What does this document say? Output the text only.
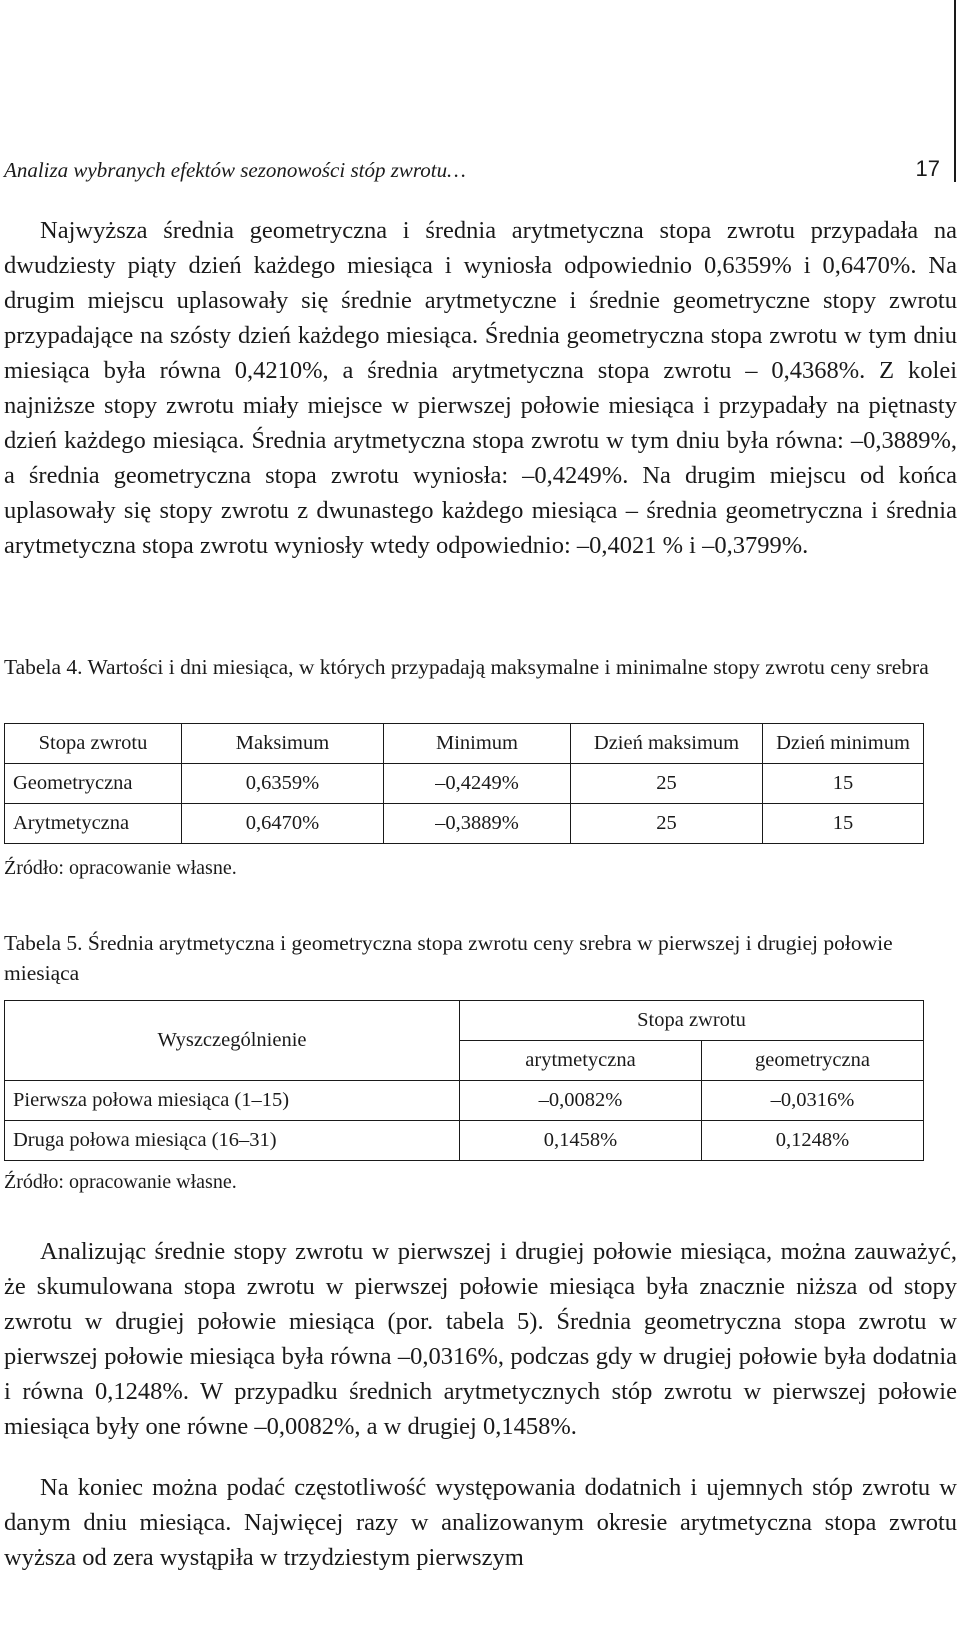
Analiza wybranych efektów sezonowości stóp zwrotu…	17

Najwyższa średnia geometryczna i średnia arytmetyczna stopa zwrotu przypadała na dwudziesty piąty dzień każdego miesiąca i wyniosła odpowiednio 0,6359% i 0,6470%. Na drugim miejscu uplasowały się średnie arytmetyczne i średnie geometryczne stopy zwrotu przypadające na szósty dzień każdego miesiąca. Średnia geometryczna stopa zwrotu w tym dniu miesiąca była równa 0,4210%, a średnia arytmetyczna stopa zwrotu – 0,4368%. Z kolei najniższe stopy zwrotu miały miejsce w pierwszej połowie miesiąca i przypadały na piętnasty dzień każdego miesiąca. Średnia arytmetyczna stopa zwrotu w tym dniu była równa: –0,3889%, a średnia geometryczna stopa zwrotu wyniosła: –0,4249%. Na drugim miejscu od końca uplasowały się stopy zwrotu z dwunastego każdego miesiąca – średnia geometryczna i średnia arytmetyczna stopa zwrotu wyniosły wtedy odpowiednio: –0,4021 % i –0,3799%.

Tabela 4. Wartości i dni miesiąca, w których przypadają maksymalne i minimalne stopy zwrotu ceny srebra

Stopa zwrotu	Maksimum	Minimum	Dzień maksimum	Dzień minimum
Geometryczna	0,6359%	–0,4249%	25	15
Arytmetyczna	0,6470%	–0,3889%	25	15

Źródło: opracowanie własne.

Tabela 5. Średnia arytmetyczna i geometryczna stopa zwrotu ceny srebra w pierwszej i drugiej połowie miesiąca

Wyszczególnienie	Stopa zwrotu	
	arytmetyczna	geometryczna
Pierwsza połowa miesiąca (1–15)	–0,0082%	–0,0316%
Druga połowa miesiąca (16–31)	0,1458%	0,1248%

Źródło: opracowanie własne.

Analizując średnie stopy zwrotu w pierwszej i drugiej połowie miesiąca, można zauważyć, że skumulowana stopa zwrotu w pierwszej połowie miesiąca była znacznie niższa od stopy zwrotu w drugiej połowie miesiąca (por. tabela 5). Średnia geometryczna stopa zwrotu w pierwszej połowie miesiąca była równa –0,0316%, podczas gdy w drugiej połowie była dodatnia i równa 0,1248%. W przypadku średnich arytmetycznych stóp zwrotu w pierwszej połowie miesiąca były one równe –0,0082%, a w drugiej 0,1458%.

Na koniec można podać częstotliwość występowania dodatnich i ujemnych stóp zwrotu w danym dniu miesiąca. Najwięcej razy w analizowanym okresie arytmetyczna stopa zwrotu wyższa od zera wystąpiła w trzydziestym pierwszym
